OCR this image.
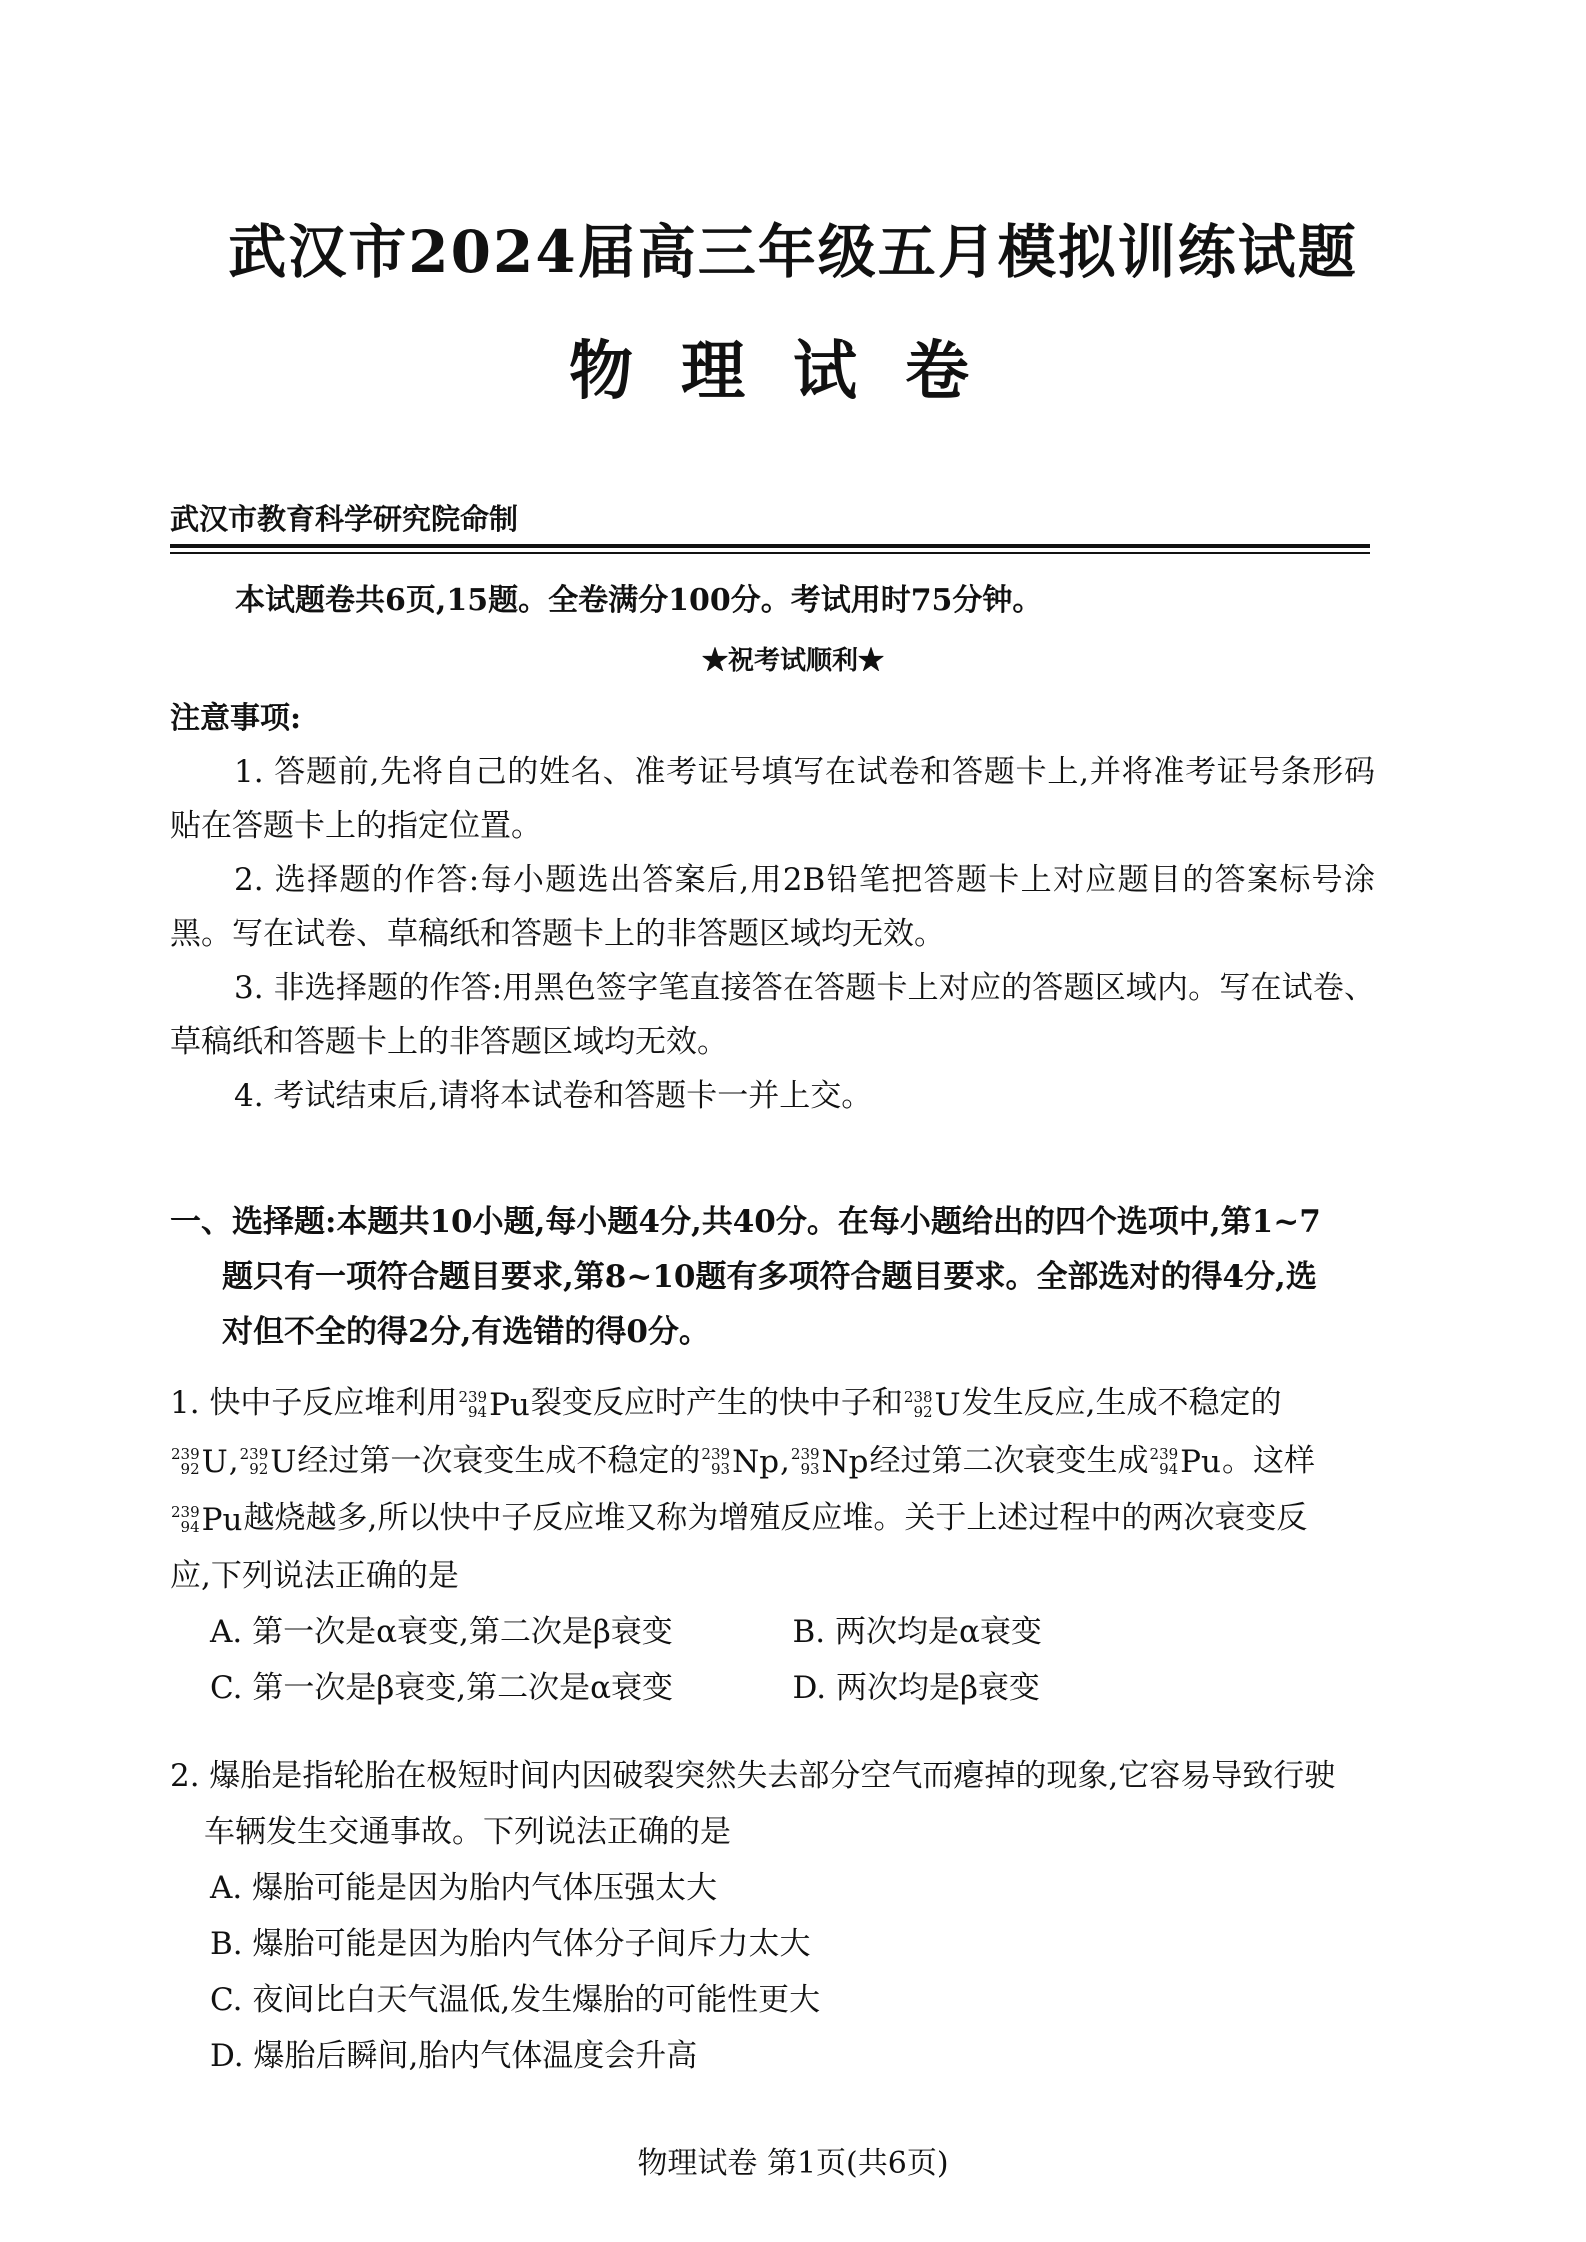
武汉市2024届高三年级五月模拟训练试题
物理试卷
武汉市教育科学研究院命制
本试题卷共6页,15题。全卷满分100分。考试用时75分钟。
★祝考试顺利★
注意事项:

1. 答题前,先将自己的姓名、准考证号填写在试卷和答题卡上,并将准考证号条形码贴在答题卡上的指定位置。

2. 选择题的作答:每小题选出答案后,用2B铅笔把答题卡上对应题目的答案标号涂黑。写在试卷、草稿纸和答题卡上的非答题区域均无效。

3. 非选择题的作答:用黑色签字笔直接答在答题卡上对应的答题区域内。写在试卷、草稿纸和答题卡上的非答题区域均无效。

4. 考试结束后,请将本试卷和答题卡一并上交。

一、选择题:本题共10小题,每小题4分,共40分。在每小题给出的四个选项中,第1~7
题只有一项符合题目要求,第8~10题有多项符合题目要求。全部选对的得4分,选
对但不全的得2分,有选错的得0分。
1. 快中子反应堆利用 239
94 Pu 裂变反应时产生的快中子和 238
92 U 发生反应,生成不稳定的
239
92 U , 239
92 U 经过第一次衰变生成不稳定的 239
93 Np , 239
93 Np 经过第二次衰变生成 239
94 Pu 。这样
239
94 Pu 越烧越多,所以快中子反应堆又称为增殖反应堆。关于上述过程中的两次衰变反
应,下列说法正确的是
A. 第一次是α衰变,第二次是β衰变	B. 两次均是α衰变
C. 第一次是β衰变,第二次是α衰变	D. 两次均是β衰变
2. 爆胎是指轮胎在极短时间内因破裂突然失去部分空气而瘪掉的现象,它容易导致行驶
车辆发生交通事故。下列说法正确的是
A. 爆胎可能是因为胎内气体压强太大
B. 爆胎可能是因为胎内气体分子间斥力太大
C. 夜间比白天气温低,发生爆胎的可能性更大
D. 爆胎后瞬间,胎内气体温度会升高
物理试卷 第1页(共6页)
